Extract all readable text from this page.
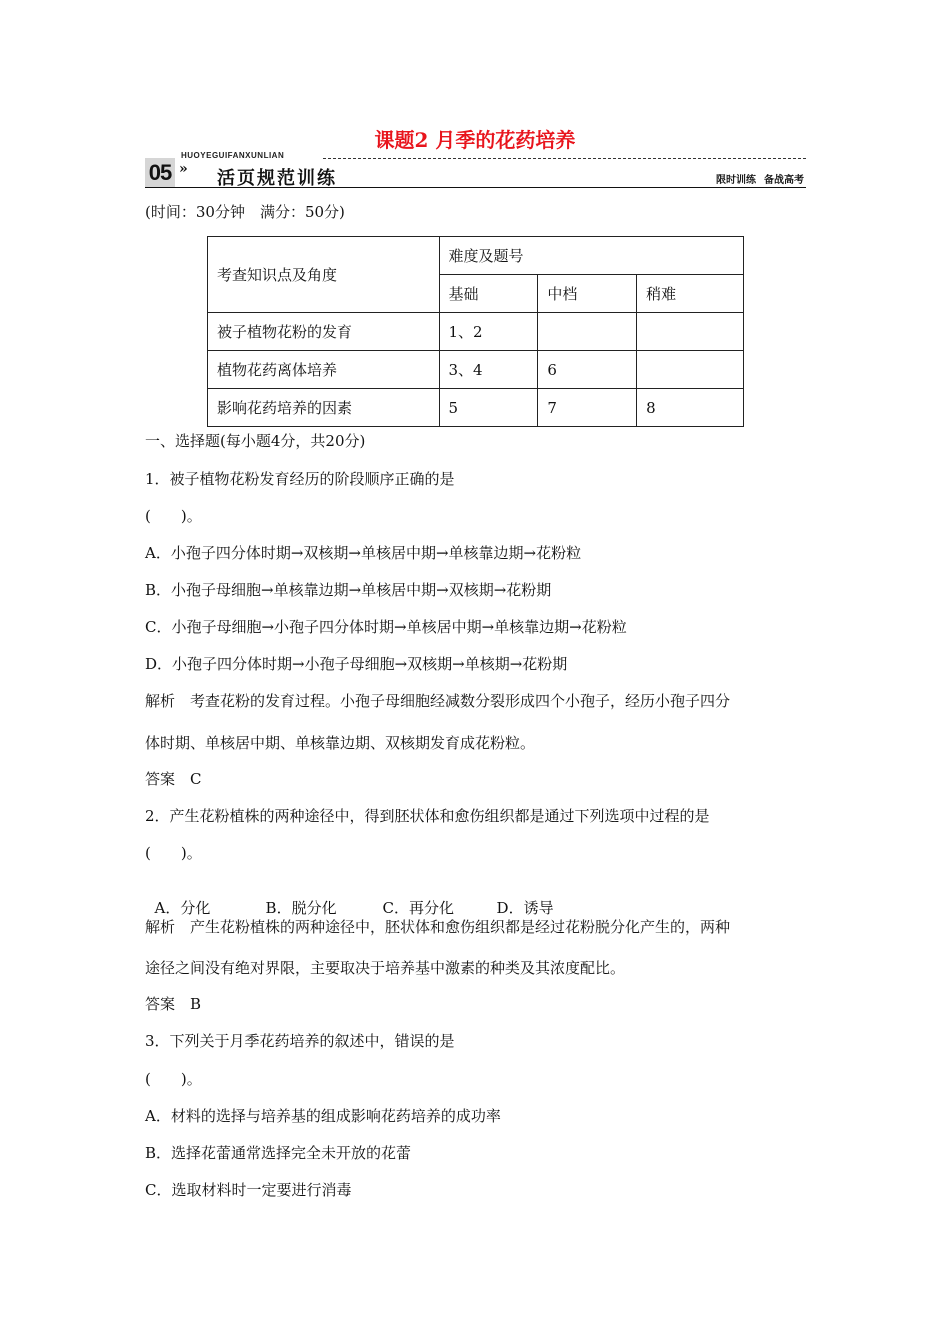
课题2 月季的花药培养
HUOYEGUIFANXUNLIAN
05 » 活页规范训练	限时训练 备战高考
(时间：30分钟　满分：50分)
考查知识点及角度	难度及题号		
	基础	中档	稍难
被子植物花粉的发育	1、2		
植物花药离体培养	3、4	6	
影响花药培养的因素	5	7	8
一、选择题(每小题4分，共20分)
1．被子植物花粉发育经历的阶段顺序正确的是
(　　)。
A．小孢子四分体时期→双核期→单核居中期→单核靠边期→花粉粒
B．小孢子母细胞→单核靠边期→单核居中期→双核期→花粉期
C．小孢子母细胞→小孢子四分体时期→单核居中期→单核靠边期→花粉粒
D．小孢子四分体时期→小孢子母细胞→双核期→单核期→花粉期
解析　考查花粉的发育过程。小孢子母细胞经减数分裂形成四个小孢子，经历小孢子四分
体时期、单核居中期、单核靠边期、双核期发育成花粉粒。
答案　C
2．产生花粉植株的两种途径中，得到胚状体和愈伤组织都是通过下列选项中过程的是
(　　)。

A．分化	B．脱分化	C．再分化	D．诱导

解析　产生花粉植株的两种途径中，胚状体和愈伤组织都是经过花粉脱分化产生的，两种
途径之间没有绝对界限，主要取决于培养基中激素的种类及其浓度配比。
答案　B
3．下列关于月季花药培养的叙述中，错误的是
(　　)。
A．材料的选择与培养基的组成影响花药培养的成功率
B．选择花蕾通常选择完全未开放的花蕾
C．选取材料时一定要进行消毒
